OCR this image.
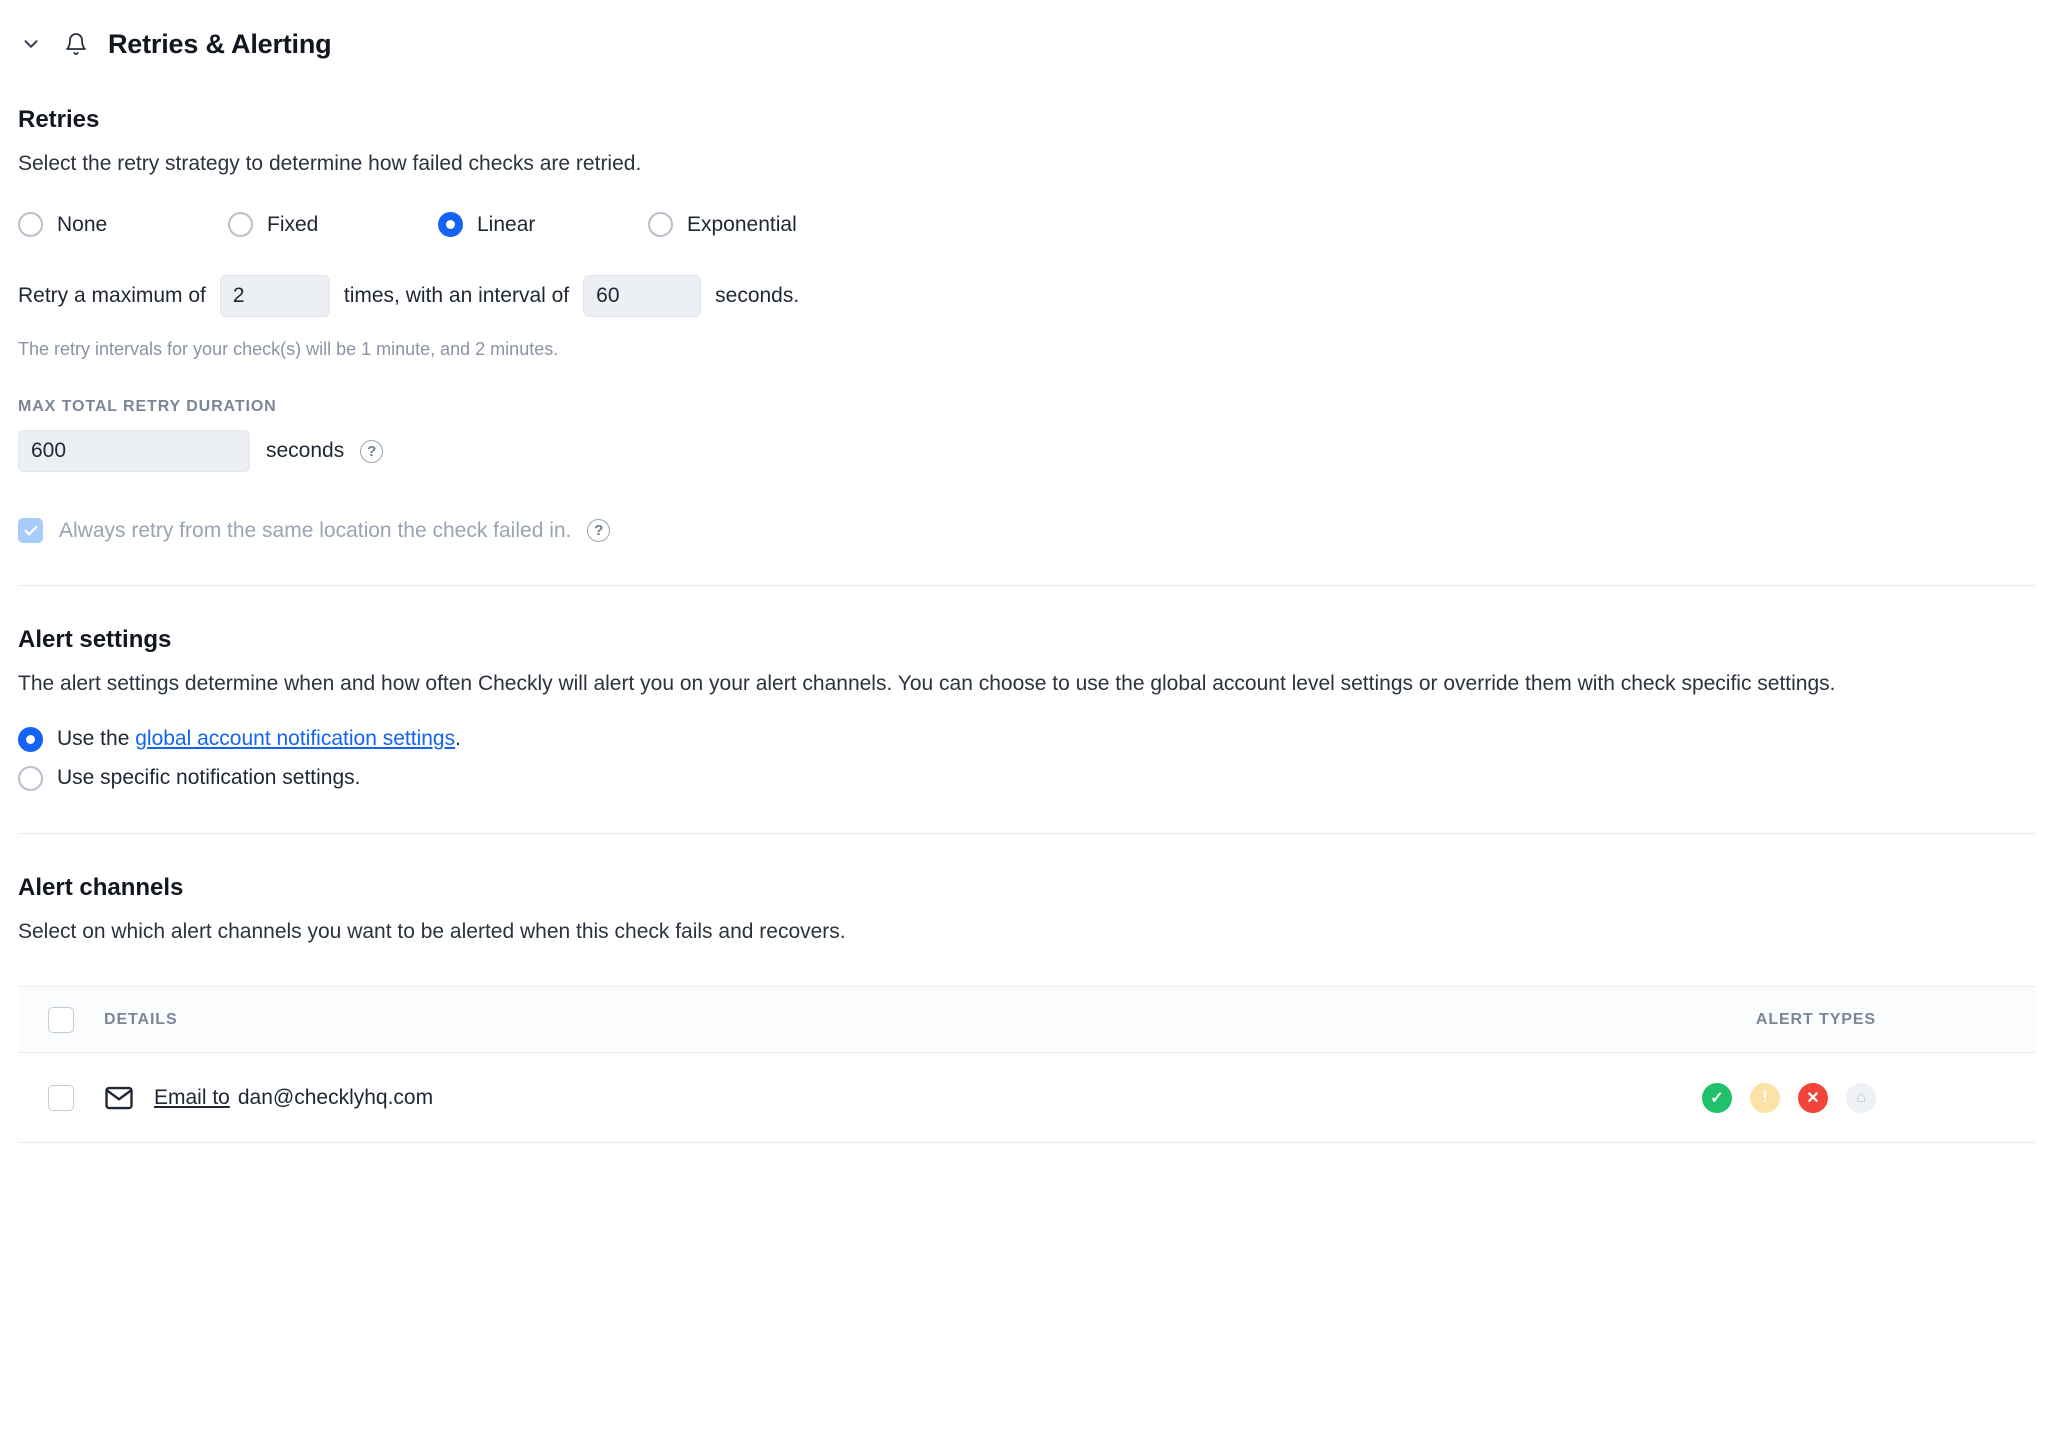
Retries & Alerting
Retries
Select the retry strategy to determine how failed checks are retried.
None	Fixed	Linear	Exponential
Retry a maximum of
2	times, with an interval of
60	seconds.
The retry intervals for your check(s) will be 1 minute, and 2 minutes.
MAX TOTAL RETRY DURATION
600
seconds	?
Always retry from the same location the check failed in.	?
Alert settings
The alert settings determine when and how often Checkly will alert you on your alert channels. You can choose to use the global account level settings or override them with check specific settings.
Use the global account notification settings.
Use specific notification settings.
Alert channels
Select on which alert channels you want to be alerted when this check fails and recovers.
DETAILS	ALERT TYPES
Email to dan@checklyhq.com	✓	!	✕	⌂
